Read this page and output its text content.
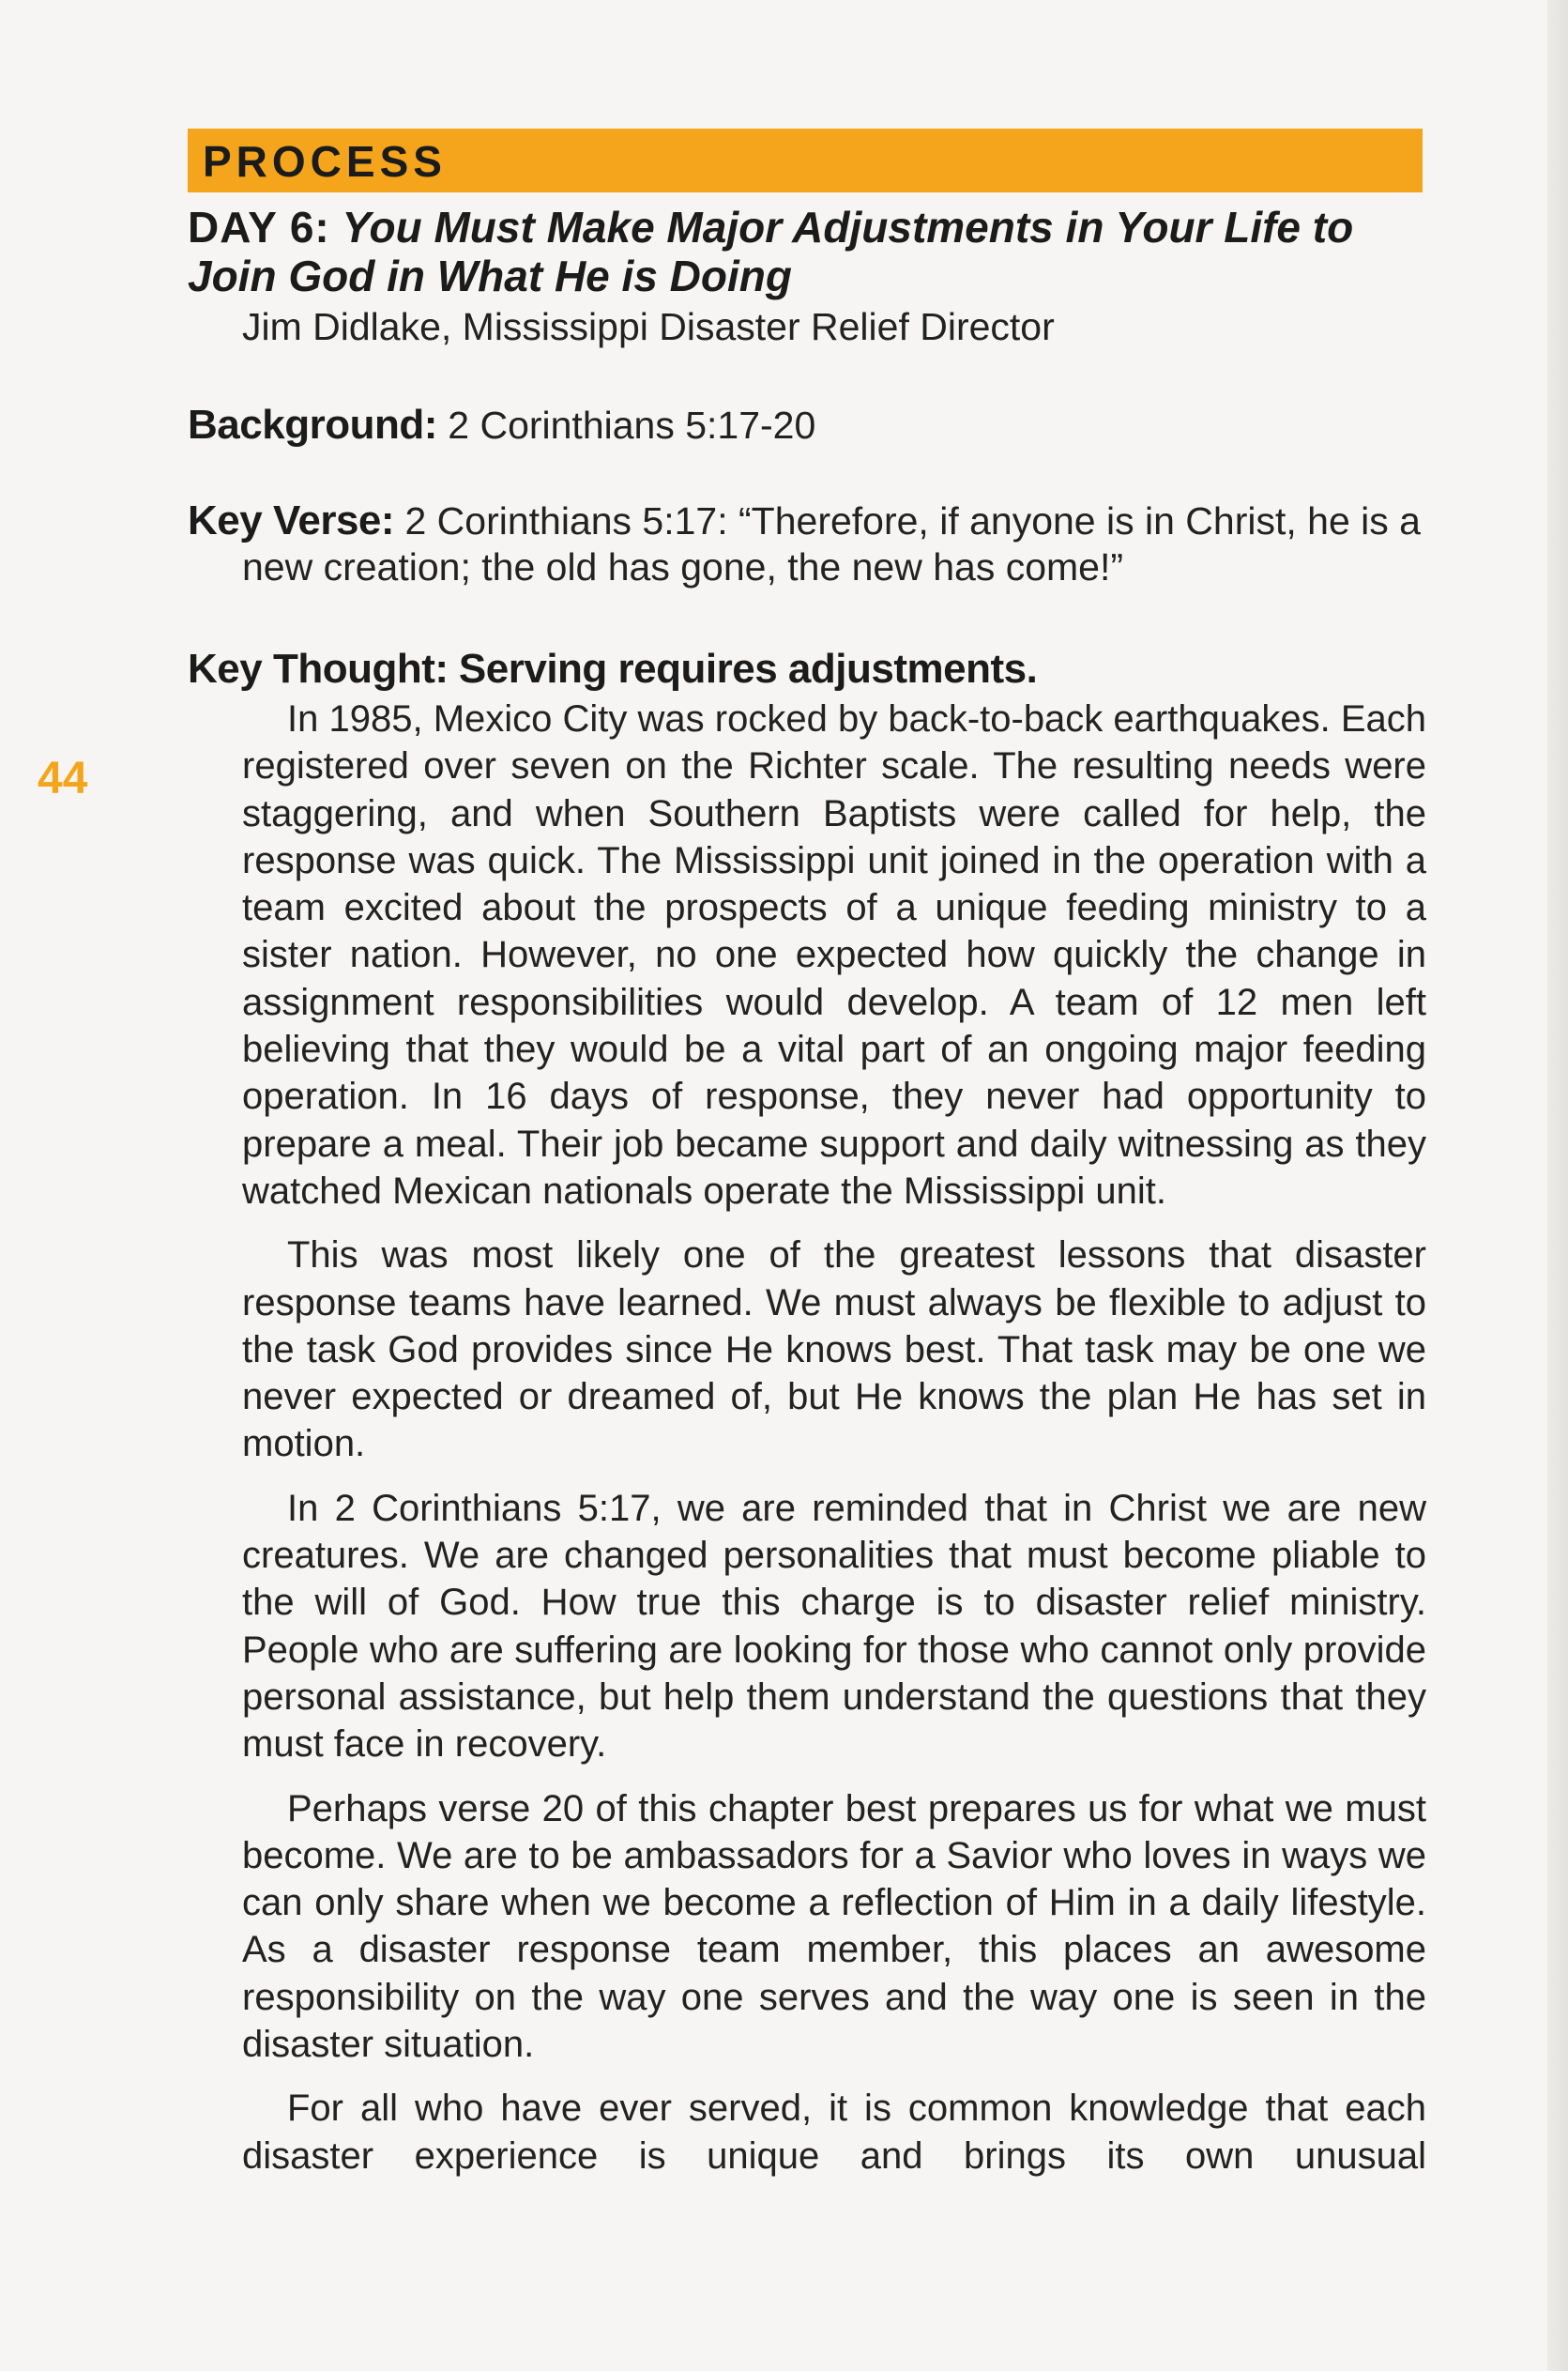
PROCESS
DAY 6: You Must Make Major Adjustments in Your Life to Join God in What He is Doing
Jim Didlake, Mississippi Disaster Relief Director
Background: 2 Corinthians 5:17-20
Key Verse: 2 Corinthians 5:17: “Therefore, if anyone is in Christ, he is a new creation; the old has gone, the new has come!”
Key Thought: Serving requires adjustments.
44

In 1985, Mexico City was rocked by back-to-back earthquakes. Each registered over seven on the Richter scale. The resulting needs were staggering, and when Southern Baptists were called for help, the response was quick. The Mississippi unit joined in the operation with a team excited about the prospects of a unique feeding ministry to a sister nation. However, no one expected how quickly the change in assignment responsibilities would develop. A team of 12 men left believing that they would be a vital part of an ongoing major feeding operation. In 16 days of response, they never had opportunity to prepare a meal. Their job became support and daily witnessing as they watched Mexican nationals operate the Mississippi unit.

This was most likely one of the greatest lessons that disaster response teams have learned. We must always be flexible to adjust to the task God provides since He knows best. That task may be one we never expected or dreamed of, but He knows the plan He has set in motion.

In 2 Corinthians 5:17, we are reminded that in Christ we are new creatures. We are changed personalities that must become pliable to the will of God. How true this charge is to disaster relief ministry. People who are suffering are looking for those who cannot only provide personal assistance, but help them understand the questions that they must face in recovery.

Perhaps verse 20 of this chapter best prepares us for what we must become. We are to be ambassadors for a Savior who loves in ways we can only share when we become a reflection of Him in a daily lifestyle. As a disaster response team member, this places an awesome responsibility on the way one serves and the way one is seen in the disaster situation.

For all who have ever served, it is common knowledge that each disaster experience is unique and brings its own unusual
